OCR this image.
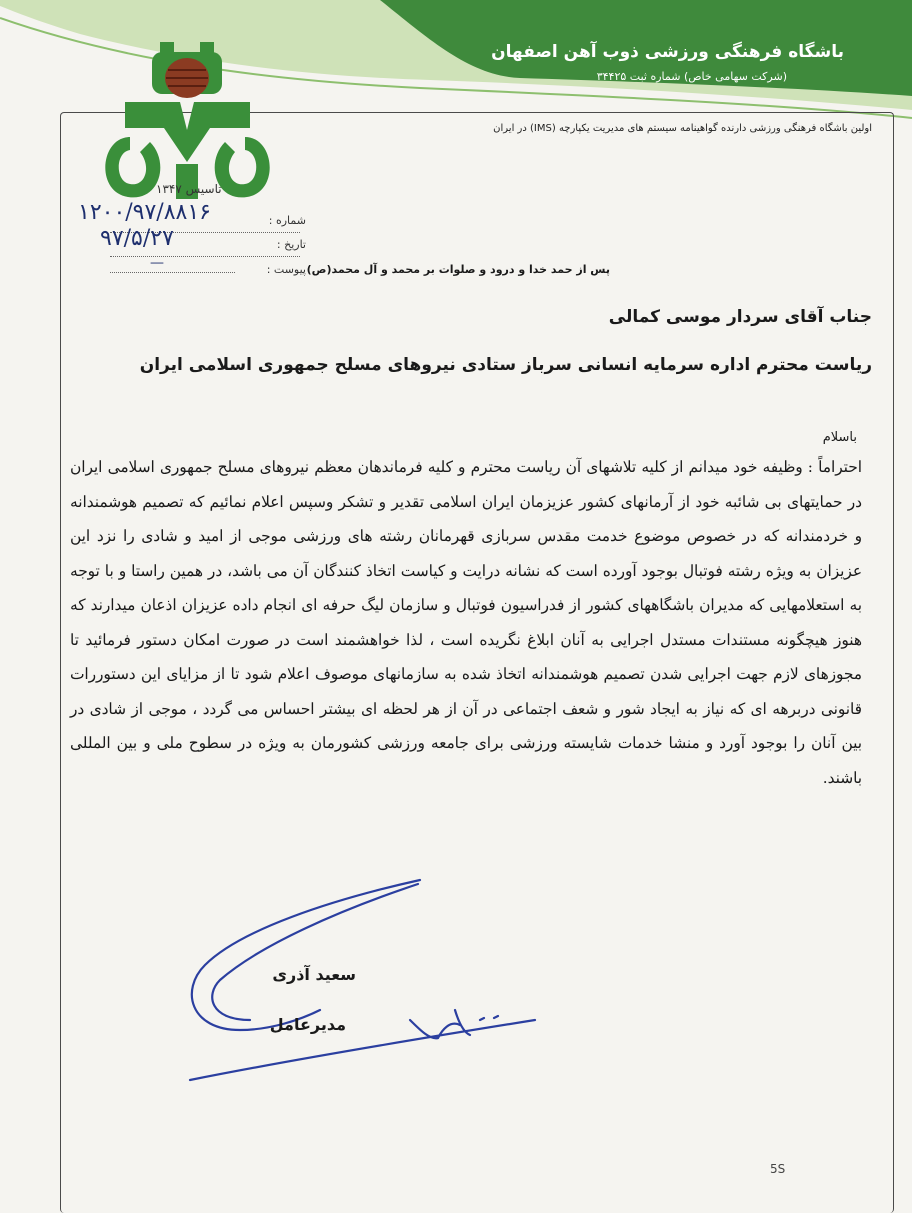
باشگاه فرهنگی ورزشی ذوب آهن اصفهان
(شرکت سهامی خاص) شماره ثبت ۳۴۴۲۵
اولین باشگاه فرهنگی ورزشی دارنده گواهینامه سیستم های مدیریت یکپارچه (IMS) در ایران
تاسیس ۱۳۴۷
شماره :
تاریخ :
پیوست :
۱۲۰۰/۹۷/۸۸۱۶
۹۷/۵/۲۷
—	پس از حمد خدا و درود و صلوات بر محمد و آل محمد(ص)
جناب آقای سردار موسی کمالی
ریاست محترم اداره سرمایه انسانی سرباز ستادی نیروهای مسلح جمهوری اسلامی ایران
باسلام
احتراماً : وظیفه خود میدانم از کلیه تلاشهای آن ریاست محترم و کلیه فرماندهان معظم نیروهای مسلح جمهوری اسلامی ایران در حمایتهای بی شائبه خود از آرمانهای کشور عزیزمان ایران اسلامی تقدیر و تشکر وسپس اعلام نمائیم که تصمیم هوشمندانه و خردمندانه که در خصوص موضوع خدمت مقدس سربازی قهرمانان رشته های ورزشی موجی از امید و شادی را نزد این عزیزان به ویژه رشته فوتبال بوجود آورده است که نشانه درایت و کیاست اتخاذ کنندگان آن می باشد، در همین راستا و با توجه به استعلامهایی که مدیران باشگاههای کشور از فدراسیون فوتبال و سازمان لیگ حرفه ای انجام داده عزیزان اذعان میدارند که هنوز هیچگونه مستندات مستدل اجرایی به آنان ابلاغ نگریده است ، لذا خواهشمند است در صورت امکان دستور فرمائید تا مجوزهای لازم جهت اجرایی شدن تصمیم هوشمندانه اتخاذ شده به سازمانهای موصوف اعلام شود تا از مزایای این دستوررات قانونی دربرهه ای که نیاز به ایجاد شور و شعف اجتماعی در آن از هر لحظه ای بیشتر احساس می گردد ، موجی از شادی در بین آنان را بوجود آورد و منشا خدمات شایسته ورزشی برای جامعه ورزشی کشورمان به ویژه در سطوح ملی و بین المللی باشند.
سعید آذری
مدیرعامل
5S
